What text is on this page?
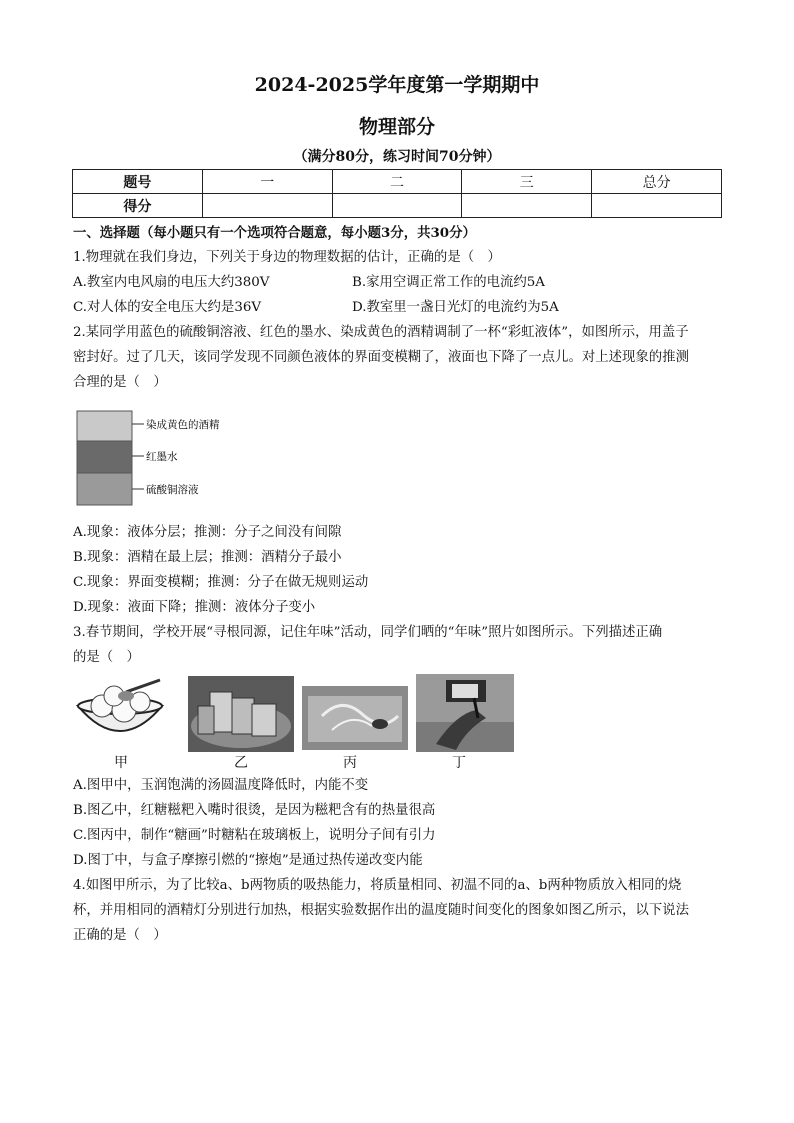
2024-2025学年度第一学期期中
物理部分
（满分80分，练习时间70分钟）
题号	一	二	三	总分
得分				
一、选择题（每小题只有一个选项符合题意，每小题3分，共30分）
1.物理就在我们身边，下列关于身边的物理数据的估计，正确的是（　）
A.教室内电风扇的电压大约380V	B.家用空调正常工作的电流约5A
C.对人体的安全电压大约是36V	D.教室里一盏日光灯的电流约为5A
2.某同学用蓝色的硫酸铜溶液、红色的墨水、染成黄色的酒精调制了一杯“彩虹液体”，如图所示，用盖子
密封好。过了几天，该同学发现不同颜色液体的界面变模糊了，液面也下降了一点儿。对上述现象的推测
合理的是（　）
染成黄色的酒精
红墨水
硫酸铜溶液
A.现象：液体分层；推测：分子之间没有间隙
B.现象：酒精在最上层；推测：酒精分子最小
C.现象：界面变模糊；推测：分子在做无规则运动
D.现象：液面下降；推测：液体分子变小
3.春节期间，学校开展“寻根同源，记住年味”活动，同学们晒的“年味”照片如图所示。下列描述正确
的是（　）
甲	乙	丙	丁
A.图甲中，玉润饱满的汤圆温度降低时，内能不变
B.图乙中，红糖糍粑入嘴时很烫，是因为糍粑含有的热量很高
C.图丙中，制作“糖画”时糖粘在玻璃板上，说明分子间有引力
D.图丁中，与盒子摩擦引燃的“擦炮”是通过热传递改变内能
4.如图甲所示，为了比较a、b两物质的吸热能力，将质量相同、初温不同的a、b两种物质放入相同的烧
杯，并用相同的酒精灯分别进行加热，根据实验数据作出的温度随时间变化的图象如图乙所示，以下说法
正确的是（　）
